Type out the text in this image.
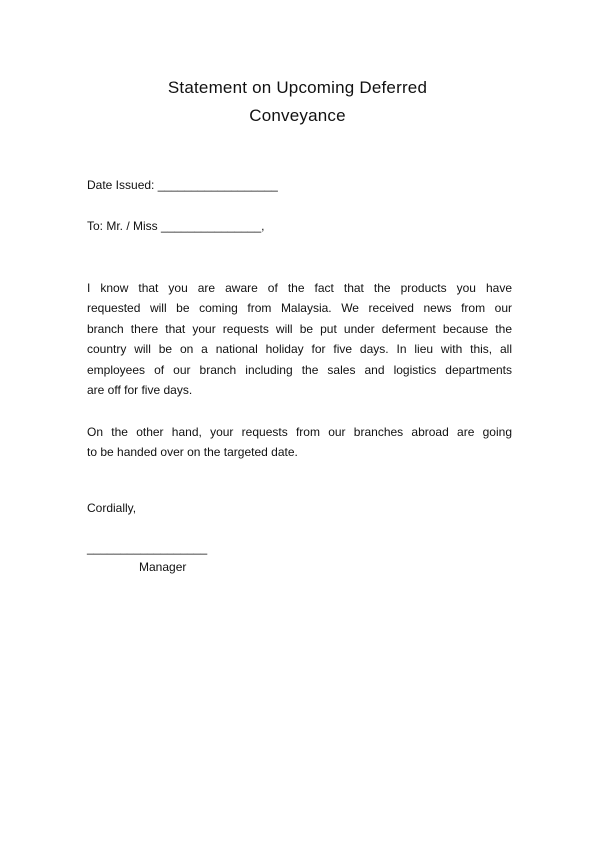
Statement on Upcoming Deferred
Conveyance
Date Issued: __________________
To: Mr. / Miss _______________,
I know that you are aware of the fact that the products you have
requested will be coming from Malaysia. We received news from our
branch there that your requests will be put under deferment because the
country will be on a national holiday for five days. In lieu with this, all
employees of our branch including the sales and logistics departments
are off for five days.
On the other hand, your requests from our branches abroad are going
to be handed over on the targeted date.
Cordially,
__________________
Manager
